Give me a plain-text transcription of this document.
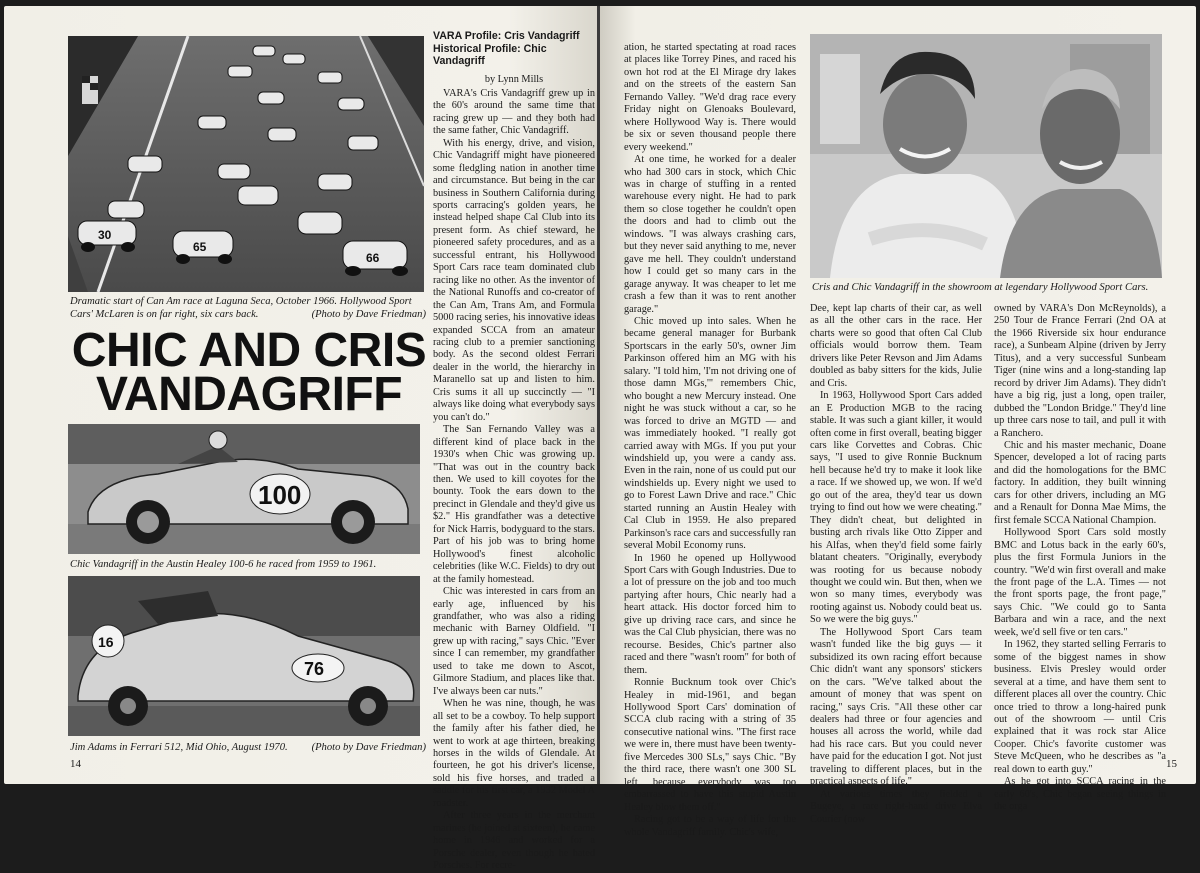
30
65
66
Dramatic start of Can Am race at Laguna Seca, October 1966. Hollywood Sport Cars' McLaren is on far right, six cars back.	(Photo by Dave Friedman)
CHIC AND CRIS VANDAGRIFF
100
Chic Vandagriff in the Austin Healey 100-6 he raced from 1959 to 1961.
16
76
Jim Adams in Ferrari 512, Mid Ohio, August 1970. (Photo by Dave Friedman)
14
VARA Profile: Cris Vandagriff
Historical Profile: Chic Vandagriff
by Lynn Mills

VARA's Cris Vandagriff grew up in the 60's around the same time that racing grew up — and they both had the same father, Chic Vandagriff.

With his energy, drive, and vision, Chic Vandagriff might have pioneered some fledgling nation in another time and circumstance. But being in the car business in Southern California during sports carracing's golden years, he instead helped shape Cal Club into its present form. As chief steward, he pioneered safety procedures, and as a successful entrant, his Hollywood Sport Cars race team dominated club racing like no other. As the inventor of the National Runoffs and co-creator of the Can Am, Trans Am, and Formula 5000 racing series, his innovative ideas expanded SCCA from an amateur racing club to a premier sanctioning body. As the second oldest Ferrari dealer in the world, the hierarchy in Maranello sat up and listen to him. Cris sums it all up succinctly — "I always like doing what everybody says you can't do."

The San Fernando Valley was a different kind of place back in the 1930's when Chic was growing up. "That was out in the country back then. We used to kill coyotes for the bounty. Took the ears down to the precinct in Glendale and they'd give us $2." His grandfather was a detective for Nick Harris, bodyguard to the stars. Part of his job was to bring home Hollywood's finest alcoholic celebrities (like W.C. Fields) to dry out at the family homestead.

Chic was interested in cars from an early age, influenced by his grandfather, who was also a riding mechanic with Barney Oldfield. "I grew up with racing," says Chic. "Ever since I can remember, my grandfather used to take me down to Ascot, Gilmore Stadium, and places like that. I've always been car nuts."

When he was nine, though, he was all set to be a cowboy. To help support the family after his father died, he went to work at age thirteen, breaking horses in the wilds of Glendale. At fourteen, he got his driver's license, sold his five horses, and traded a saddle for his first car, a 1932 Model A roadster.

After three years in the merchant marines (he joined at sixteen), he came home in 1946 and worked for a Porsche dealer, even though he hated Porsches. For recre-

ation, he started spectating at road races at places like Torrey Pines, and raced his own hot rod at the El Mirage dry lakes and on the streets of the eastern San Fernando Valley. "We'd drag race every Friday night on Glenoaks Boulevard, where Hollywood Way is. There would be six or seven thousand people there every weekend."

At one time, he worked for a dealer who had 300 cars in stock, which Chic was in charge of stuffing in a rented warehouse every night. He had to park them so close together he couldn't open the doors and had to climb out the windows. "I was always crashing cars, but they never said anything to me, never gave me hell. They couldn't understand how I could get so many cars in the garage anyway. It was cheaper to let me crash a few than it was to rent another garage."

Chic moved up into sales. When he became general manager for Burbank Sportscars in the early 50's, owner Jim Parkinson offered him an MG with his salary. "I told him, 'I'm not driving one of those damn MGs,'" remembers Chic, who bought a new Mercury instead. One night he was stuck without a car, so he was forced to drive an MGTD — and was immediately hooked. "I really got carried away with MGs. If you put your windshield up, you were a candy ass. Even in the rain, none of us could put our windshields up. Every night we used to go to Forest Lawn Drive and race." Chic started running an Austin Healey with Cal Club in 1959. He also prepared Parkinson's race cars and successfully ran several Mobil Economy runs.

In 1960 he opened up Hollywood Sport Cars with Gough Industries. Due to a lot of pressure on the job and too much partying after hours, Chic nearly had a heart attack. His doctor forced him to give up driving race cars, and since he was the Cal Club physician, there was no recourse. Besides, Chic's partner also raced and there "wasn't room" for both of them.

Ronnie Bucknum took over Chic's Healey in mid-1961, and began Hollywood Sport Cars' domination of SCCA club racing with a string of 35 consecutive national wins. "The first race we were in, there must have been twenty-five Mercedes 300 SLs," says Chic. "By the third race, there wasn't one 300 SL left, because everybody was too embarrassed to have this stupid Austin Healey blow them off."

Racing got to be a way of life for the whole Vandagriff family. Chic's wife,

Cris and Chic Vandagriff in the showroom at legendary Hollywood Sport Cars.

Dee, kept lap charts of their car, as well as all the other cars in the race. Her charts were so good that often Cal Club officials would borrow them. Team drivers like Peter Revson and Jim Adams doubled as baby sitters for the kids, Julie and Cris.

In 1963, Hollywood Sport Cars added an E Production MGB to the racing stable. It was such a giant killer, it would often come in first overall, beating bigger cars like Corvettes and Cobras. Chic says, "I used to give Ronnie Bucknum hell because he'd try to make it look like a race. If we showed up, we won. If we'd go out of the area, they'd tear us down trying to find out how we were cheating." They didn't cheat, but delighted in busting arch rivals like Otto Zipper and his Alfas, when they'd field some fairly blatant cheaters. "Originally, everybody was rooting for us because nobody thought we could win. But then, when we won so many times, everybody was rooting against us. Nobody could beat us. So we were the big guys."

The Hollywood Sport Cars team wasn't funded like the big guys — it subsidized its own racing effort because Chic didn't want any sponsors' stickers on the cars. "We've talked about the amount of money that was spent on racing," says Cris. "All these other car dealers had three or four agencies and houses all across the world, while dad had his race cars. But you could never have paid for the education I got. Not just traveling to different places, but in the practical aspects of life."

At various times they fielded a Bugeye, a rare right-hand drive Elva Courier (now

owned by VARA's Don McReynolds), a 250 Tour de France Ferrari (2nd OA at the 1966 Riverside six hour endurance race), a Sunbeam Alpine (driven by Jerry Titus), and a very successful Sunbeam Tiger (nine wins and a long-standing lap record by driver Jim Adams). They didn't have a big rig, just a long, open trailer, dubbed the "London Bridge." They'd line up three cars nose to tail, and pull it with a Ranchero.

Chic and his master mechanic, Doane Spencer, developed a lot of racing parts and did the homologations for the BMC factory. In addition, they built winning cars for other drivers, including an MG and a Renault for Donna Mae Mims, the first female SCCA National Champion.

Hollywood Sport Cars sold mostly BMC and Lotus back in the early 60's, plus the first Formula Juniors in the country. "We'd win first overall and make the front page of the L.A. Times — not the front sports page, the front page," says Chic. "We could go to Santa Barbara and win a race, and the next week, we'd sell five or ten cars."

In 1962, they started selling Ferraris to some of the biggest names in show business. Elvis Presley would order several at a time, and have them sent to different places all over the country. Chic once tried to throw a long-haired punk out of the showroom — until Cris explained that it was rock star Alice Cooper. Chic's favorite customer was Steve McQueen, who he describes as "a real down to earth guy."

As he got into SCCA racing in the early 60's, Chic began seeing things in the orga

15
